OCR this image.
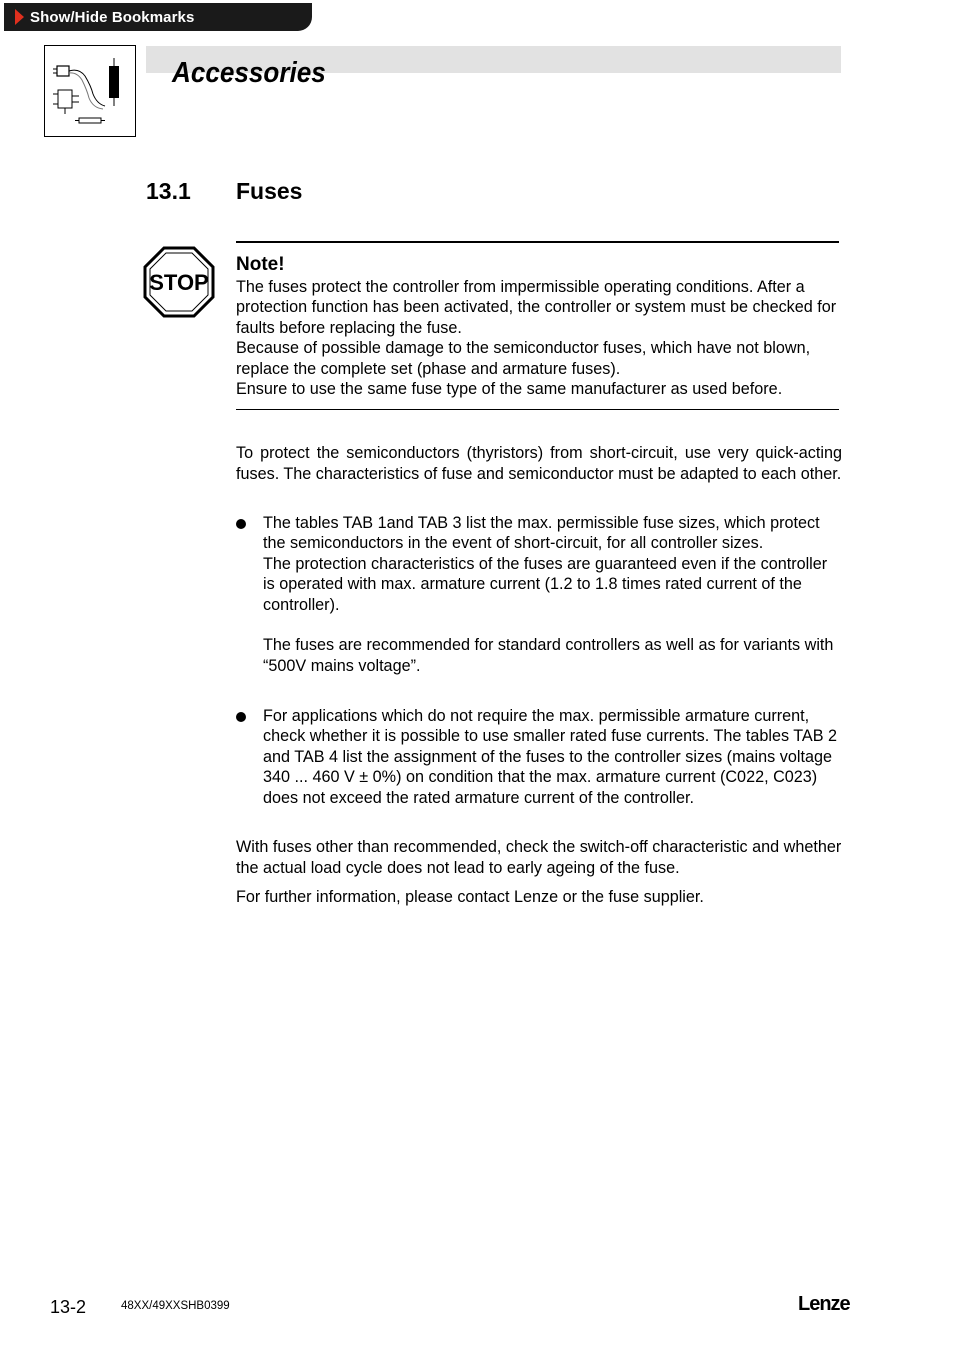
Show/Hide Bookmarks
Accessories
13.1 Fuses
STOP
Note!

The fuses protect the controller from impermissible operating conditions. After a protection function has been activated, the controller or system must be checked for faults before replacing the fuse.

Because of possible damage to the semiconductor fuses, which have not blown, replace the complete set (phase and armature fuses).

Ensure to use the same fuse type of the same manufacturer as used before.

To protect the semiconductors (thyristors) from short-circuit, use very quick-acting fuses. The characteristics of fuse and semiconductor must be adapted to each other.

The tables TAB 1and TAB 3 list the max. permissible fuse sizes, which protect the semiconductors in the event of short-circuit, for all controller sizes.

The protection characteristics of the fuses are guaranteed even if the controller is operated with max. armature current (1.2 to 1.8 times rated current of the controller).

The fuses are recommended for standard controllers as well as for variants with “500V mains voltage”.

For applications which do not require the max. permissible armature current, check whether it is possible to use smaller rated fuse currents. The tables TAB 2 and TAB 4 list the assignment of the fuses to the controller sizes (mains voltage 340 ... 460 V ± 0%) on condition that the max. armature current (C022, C023) does not exceed the rated armature current of the controller.

With fuses other than recommended, check the switch-off characteristic and whether the actual load cycle does not lead to early ageing of the fuse.
For further information, please contact Lenze or the fuse supplier.
13-2	48XX/49XXSHB0399	Lenze
